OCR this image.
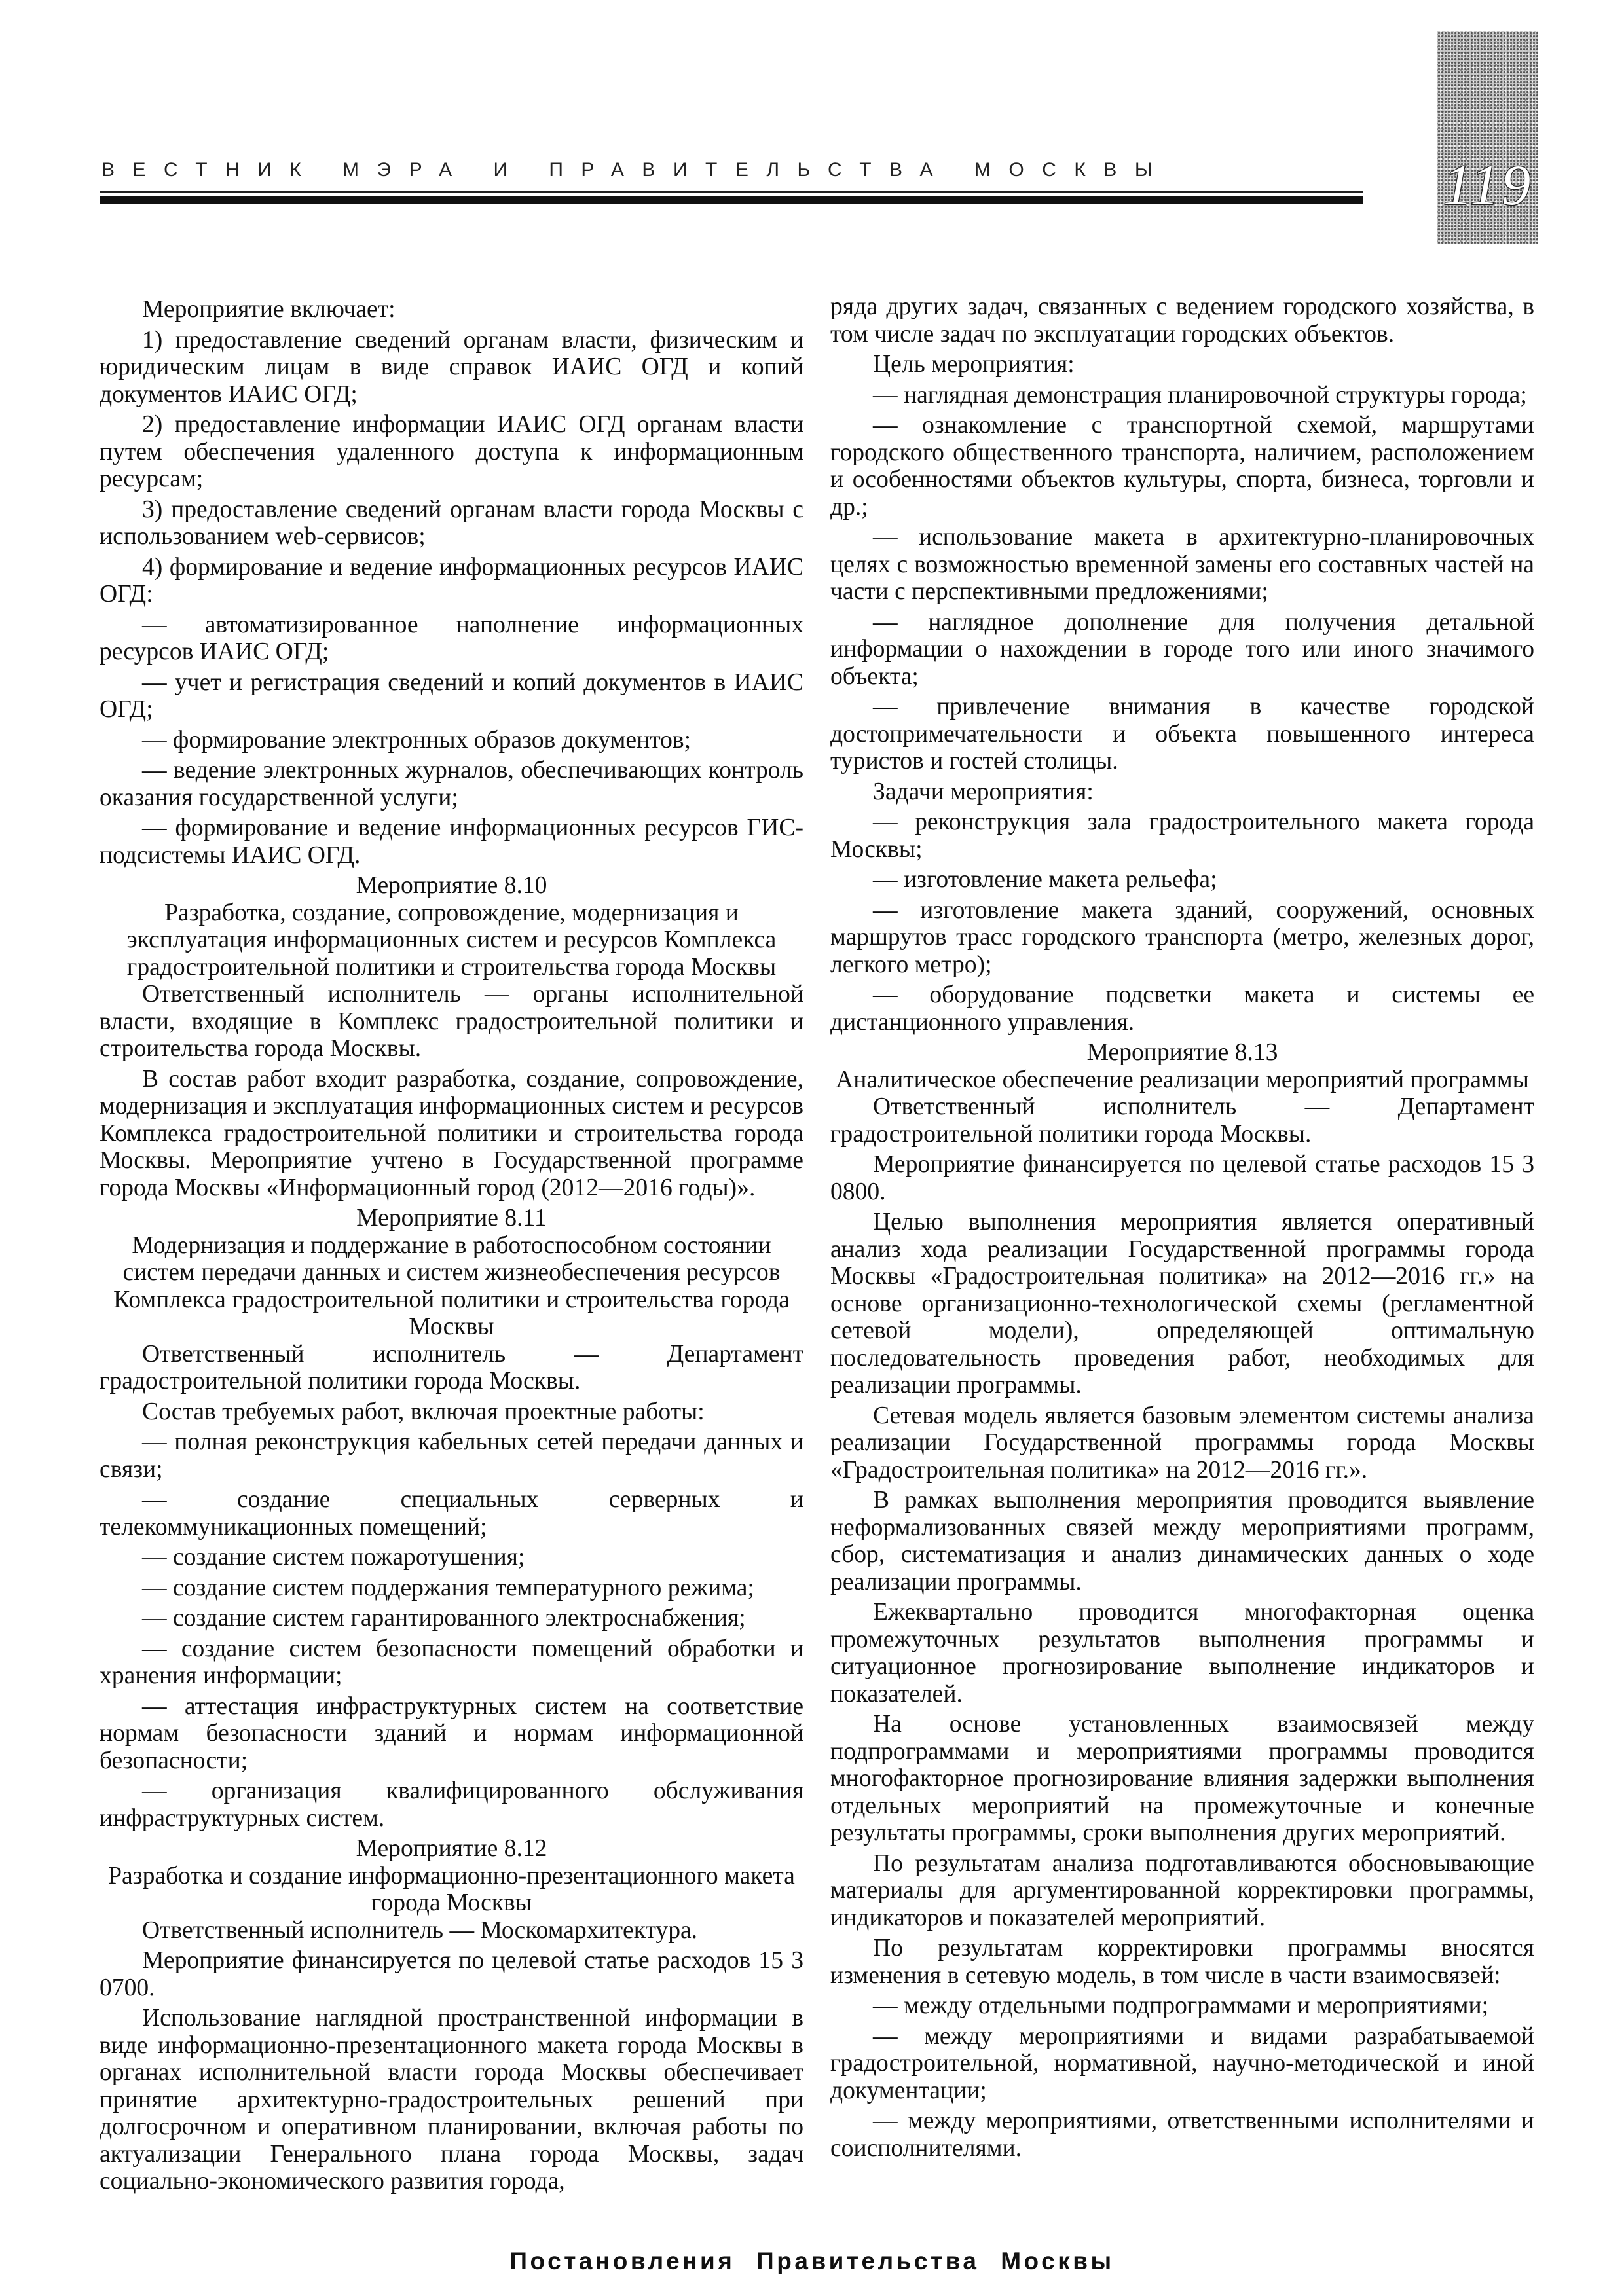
119
ВЕСТНИК МЭРА И ПРАВИТЕЛЬСТВА МОСКВЫ

Мероприятие включает:

1) предоставление сведений органам власти, физическим и юридическим лицам в виде справок ИАИС ОГД и копий документов ИАИС ОГД;

2) предоставление информации ИАИС ОГД органам власти путем обеспечения удаленного доступа к информационным ресурсам;

3) предоставление сведений органам власти города Москвы с использованием web-сервисов;

4) формирование и ведение информационных ресурсов ИАИС ОГД:

— автоматизированное наполнение информационных ресурсов ИАИС ОГД;

— учет и регистрация сведений и копий документов в ИАИС ОГД;

— формирование электронных образов документов;

— ведение электронных журналов, обеспечивающих контроль оказания государственной услуги;

— формирование и ведение информационных ресурсов ГИС-подсистемы ИАИС ОГД.

Мероприятие 8.10

Разработка, создание, сопровождение, модернизация и эксплуатация информационных систем и ресурсов Комплекса градостроительной политики и строительства города Москвы

Ответственный исполнитель — органы исполнительной власти, входящие в Комплекс градостроительной политики и строительства города Москвы.

В состав работ входит разработка, создание, сопровождение, модернизация и эксплуатация информационных систем и ресурсов Комплекса градостроительной политики и строительства города Москвы. Мероприятие учтено в Государственной программе города Москвы «Информационный город (2012—2016 годы)».

Мероприятие 8.11

Модернизация и поддержание в работоспособном состоянии систем передачи данных и систем жизнеобеспечения ресурсов Комплекса градостроительной политики и строительства города Москвы

Ответственный исполнитель — Департамент градостроительной политики города Москвы.

Состав требуемых работ, включая проектные работы:

— полная реконструкция кабельных сетей передачи данных и связи;

— создание специальных серверных и телекоммуникационных помещений;

— создание систем пожаротушения;

— создание систем поддержания температурного режима;

— создание систем гарантированного электроснабжения;

— создание систем безопасности помещений обработки и хранения информации;

— аттестация инфраструктурных систем на соответствие нормам безопасности зданий и нормам информационной безопасности;

— организация квалифицированного обслуживания инфраструктурных систем.

Мероприятие 8.12

Разработка и создание информационно-презентационного макета города Москвы

Ответственный исполнитель — Москомархитектура.

Мероприятие финансируется по целевой статье расходов 15 3 0700.

Использование наглядной пространственной информации в виде информационно-презентационного макета города Москвы в органах исполнительной власти города Москвы обеспечивает принятие архитектурно-градостроительных решений при долгосрочном и оперативном планировании, включая работы по актуализации Генерального плана города Москвы, задач социально-экономического развития города,

ряда других задач, связанных с ведением городского хозяйства, в том числе задач по эксплуатации городских объектов.

Цель мероприятия:

— наглядная демонстрация планировочной структуры города;

— ознакомление с транспортной схемой, маршрутами городского общественного транспорта, наличием, расположением и особенностями объектов культуры, спорта, бизнеса, торговли и др.;

— использование макета в архитектурно-планировочных целях с возможностью временной замены его составных частей на части с перспективными предложениями;

— наглядное дополнение для получения детальной информации о нахождении в городе того или иного значимого объекта;

— привлечение внимания в качестве городской достопримечательности и объекта повышенного интереса туристов и гостей столицы.

Задачи мероприятия:

— реконструкция зала градостроительного макета города Москвы;

— изготовление макета рельефа;

— изготовление макета зданий, сооружений, основных маршрутов трасс городского транспорта (метро, железных дорог, легкого метро);

— оборудование подсветки макета и системы ее дистанционного управления.

Мероприятие 8.13

Аналитическое обеспечение реализации мероприятий программы

Ответственный исполнитель — Департамент градостроительной политики города Москвы.

Мероприятие финансируется по целевой статье расходов 15 3 0800.

Целью выполнения мероприятия является оперативный анализ хода реализации Государственной программы города Москвы «Градостроительная политика» на 2012—2016 гг.» на основе организационно-технологической схемы (регламентной сетевой модели), определяющей оптимальную последовательность проведения работ, необходимых для реализации программы.

Сетевая модель является базовым элементом системы анализа реализации Государственной программы города Москвы «Градостроительная политика» на 2012—2016 гг.».

В рамках выполнения мероприятия проводится выявление неформализованных связей между мероприятиями программ, сбор, систематизация и анализ динамических данных о ходе реализации программы.

Ежеквартально проводится многофакторная оценка промежуточных результатов выполнения программы и ситуационное прогнозирование выполнение индикаторов и показателей.

На основе установленных взаимосвязей между подпрограммами и мероприятиями программы проводится многофакторное прогнозирование влияния задержки выполнения отдельных мероприятий на промежуточные и конечные результаты программы, сроки выполнения других мероприятий.

По результатам анализа подготавливаются обосновывающие материалы для аргументированной корректировки программы, индикаторов и показателей мероприятий.

По результатам корректировки программы вносятся изменения в сетевую модель, в том числе в части взаимосвязей:

— между отдельными подпрограммами и мероприятиями;

— между мероприятиями и видами разрабатываемой градостроительной, нормативной, научно-методической и иной документации;

— между мероприятиями, ответственными исполнителями и соисполнителями.

Постановления Правительства Москвы
